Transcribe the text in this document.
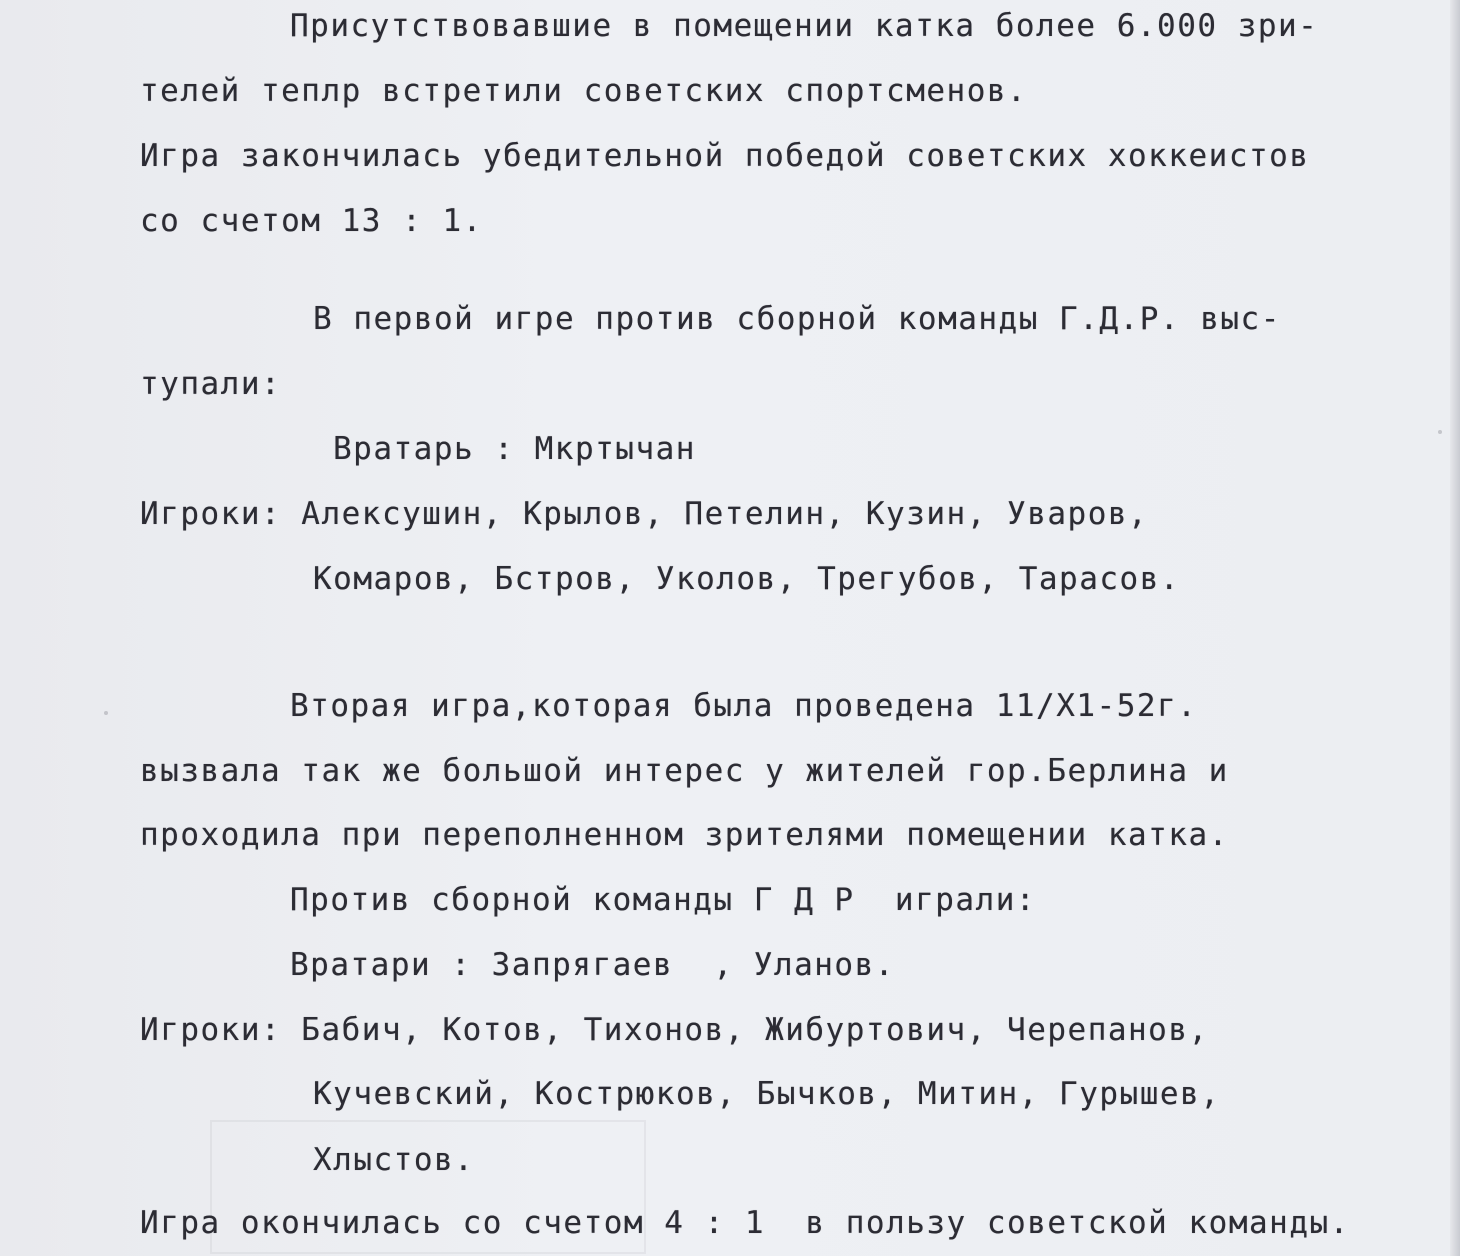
Присутствовавшие в помещении катка более 6.000 зри-

телей теплр встретили советских спортсменов.

Игра закончилась убедительной победой советских хоккеистов

со счетом 13 : 1.

В первой игре против сборной команды Г.Д.Р. выс-

тупали:

Вратарь : Мкртычан

Игроки: Алексушин, Крылов, Петелин, Кузин, Уваров,

Комаров, Бстров, Уколов, Трегубов, Тарасов.

Вторая игра,которая была проведена 11/Х1-52г.

вызвала так же большой интерес у жителей гор.Берлина и

проходила при переполненном зрителями помещении катка.

Против сборной команды Г Д Р  играли:

Вратари : Запрягаев  , Уланов.

Игроки: Бабич, Котов, Тихонов, Жибуртович, Черепанов,

Кучевский, Кострюков, Бычков, Митин, Гурышев,

Хлыстов.

Игра окончилась со счетом 4 : 1  в пользу советской команды.
